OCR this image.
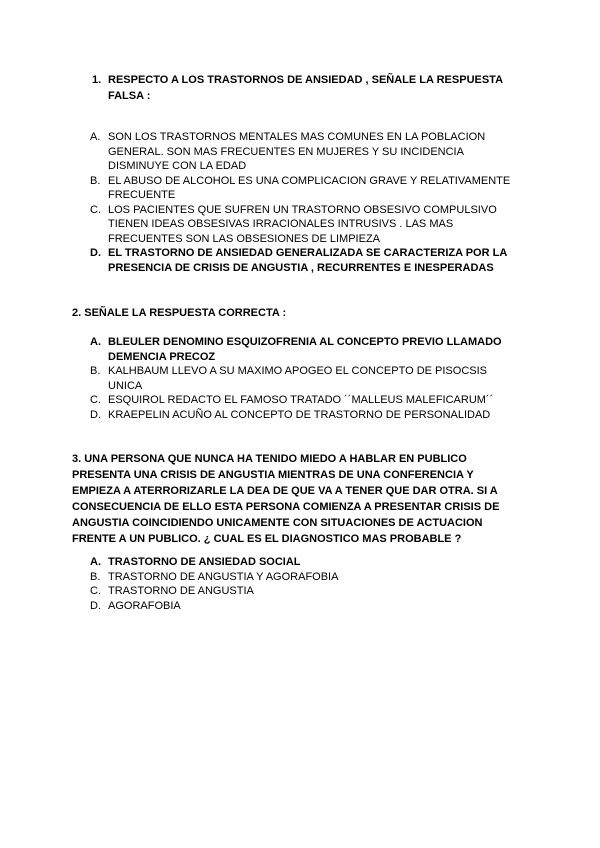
1. RESPECTO A LOS TRASTORNOS DE ANSIEDAD , SEÑALE LA RESPUESTA FALSA :
A. SON LOS TRASTORNOS MENTALES MAS COMUNES EN LA POBLACION GENERAL. SON MAS FRECUENTES EN MUJERES Y SU INCIDENCIA DISMINUYE CON LA EDAD
B. EL ABUSO DE ALCOHOL ES UNA COMPLICACION GRAVE Y RELATIVAMENTE FRECUENTE
C. LOS PACIENTES QUE SUFREN UN TRASTORNO OBSESIVO COMPULSIVO TIENEN IDEAS OBSESIVAS IRRACIONALES INTRUSIVS . LAS MAS FRECUENTES SON LAS OBSESIONES DE LIMPIEZA
D. EL TRASTORNO DE ANSIEDAD GENERALIZADA SE CARACTERIZA POR LA PRESENCIA DE CRISIS DE ANGUSTIA , RECURRENTES E INESPERADAS
2. SEÑALE LA RESPUESTA CORRECTA :
A. BLEULER DENOMINO ESQUIZOFRENIA AL CONCEPTO PREVIO LLAMADO DEMENCIA PRECOZ
B. KALHBAUM LLEVO A SU MAXIMO APOGEO EL CONCEPTO DE PISOCSIS UNICA
C. ESQUIROL REDACTO EL FAMOSO TRATADO ´´MALLEUS MALEFICARUM´´
D. KRAEPELIN ACUÑO AL CONCEPTO DE TRASTORNO DE PERSONALIDAD
3. UNA PERSONA QUE NUNCA HA TENIDO MIEDO A HABLAR EN PUBLICO PRESENTA UNA CRISIS DE ANGUSTIA MIENTRAS DE UNA CONFERENCIA Y EMPIEZA A ATERRORIZARLE LA DEA DE QUE VA A TENER QUE DAR OTRA. SI A CONSECUENCIA DE ELLO ESTA PERSONA COMIENZA A PRESENTAR CRISIS DE ANGUSTIA COINCIDIENDO UNICAMENTE CON SITUACIONES DE ACTUACION FRENTE A UN PUBLICO. ¿ CUAL ES EL DIAGNOSTICO MAS PROBABLE ?
A. TRASTORNO DE ANSIEDAD SOCIAL
B. TRASTORNO DE ANGUSTIA Y AGORAFOBIA
C. TRASTORNO DE ANGUSTIA
D. AGORAFOBIA
